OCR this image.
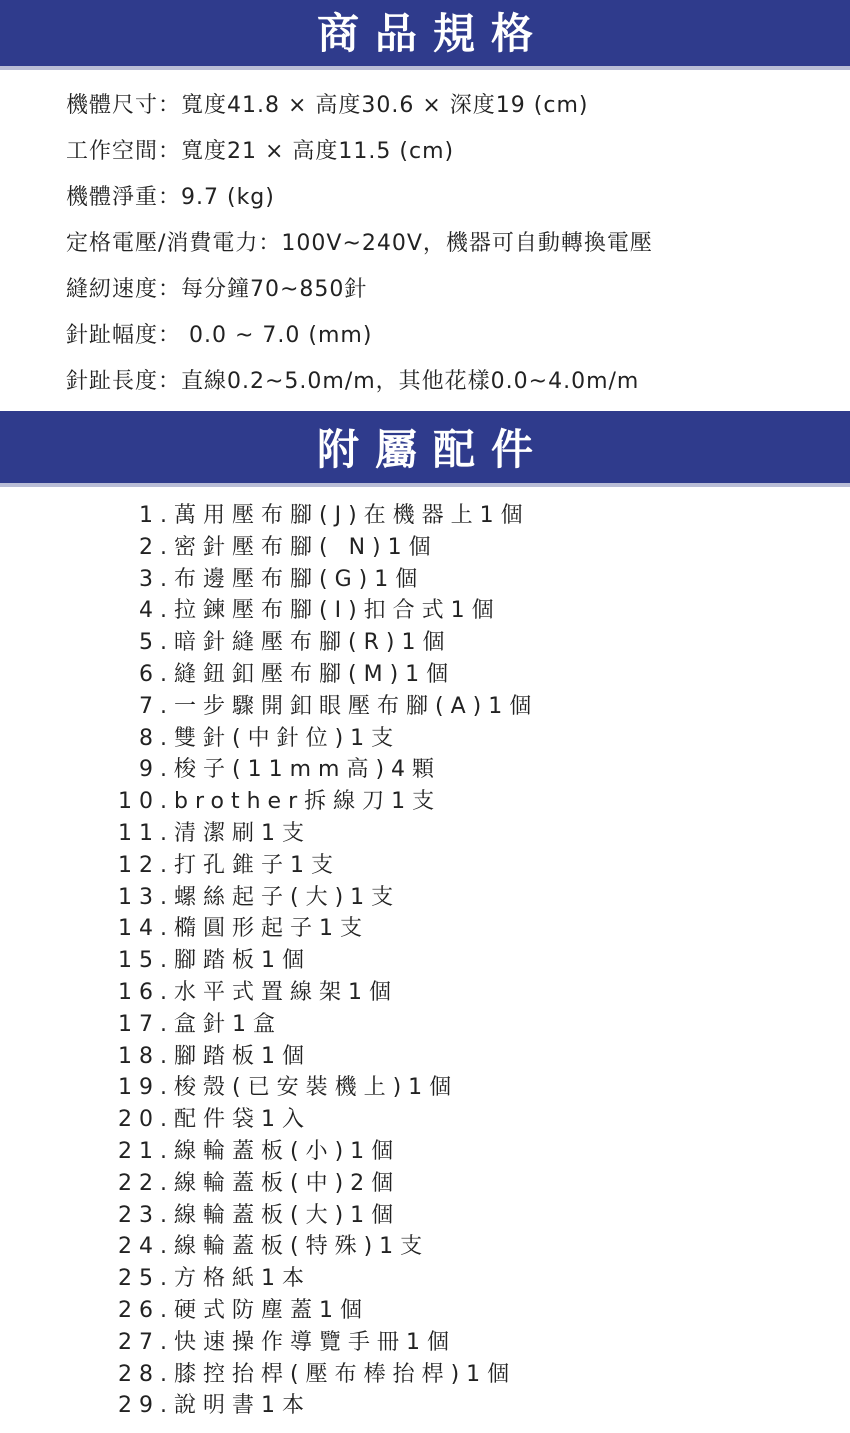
商品規格
機體尺寸：寬度41.8 × 高度30.6 × 深度19 (cm)
工作空間：寬度21 × 高度11.5 (cm)
機體淨重：9.7 (kg)
定格電壓/消費電力：100V~240V，機器可自動轉換電壓
縫紉速度：每分鐘70~850針
針趾幅度： 0.0 ~ 7.0 (mm)
針趾長度：直線0.2~5.0m/m，其他花樣0.0~4.0m/m
附屬配件
1.萬用壓布腳(J)在機器上1個
2.密針壓布腳( N)1個
3.布邊壓布腳(G)1個
4.拉鍊壓布腳(I)扣合式1個
5.暗針縫壓布腳(R)1個
6.縫鈕釦壓布腳(M)1個
7.一步驟開釦眼壓布腳(A)1個
8.雙針(中針位)1支
9.梭子(11mm高)4顆
10.brother拆線刀1支
11.清潔刷1支
12.打孔錐子1支
13.螺絲起子(大)1支
14.橢圓形起子1支
15.腳踏板1個
16.水平式置線架1個
17.盒針1盒
18.腳踏板1個
19.梭殼(已安裝機上)1個
20.配件袋1入
21.線輪蓋板(小)1個
22.線輪蓋板(中)2個
23.線輪蓋板(大)1個
24.線輪蓋板(特殊)1支
25.方格紙1本
26.硬式防塵蓋1個
27.快速操作導覽手冊1個
28.膝控抬桿(壓布棒抬桿)1個
29.說明書1本
